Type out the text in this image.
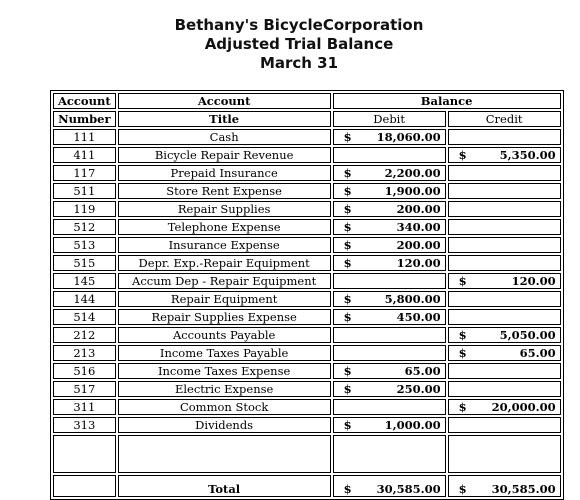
Bethany's BicycleCorporation
Adjusted Trial Balance
March 31
Account	Account	Balance	
Number	Title	Debit	Credit
111	Cash	$ 18,060.00	

411	Bicycle Repair Revenue		$ 5,350.00

117	Prepaid Insurance	$ 2,200.00	

511	Store Rent Expense	$ 1,900.00	

119	Repair Supplies	$ 200.00	

512	Telephone Expense	$ 340.00	

513	Insurance Expense	$ 200.00	

515	Depr. Exp.-Repair Equipment	$ 120.00	

145	Accum Dep - Repair Equipment		$ 120.00

144	Repair Equipment	$ 5,800.00	

514	Repair Supplies Expense	$ 450.00	

212	Accounts Payable		$ 5,050.00

213	Income Taxes Payable		$ 65.00

516	Income Taxes Expense	$ 65.00	

517	Electric Expense	$ 250.00	

311	Common Stock		$ 20,000.00

313	Dividends	$ 1,000.00	

	Total	$ 30,585.00	$ 30,585.00
